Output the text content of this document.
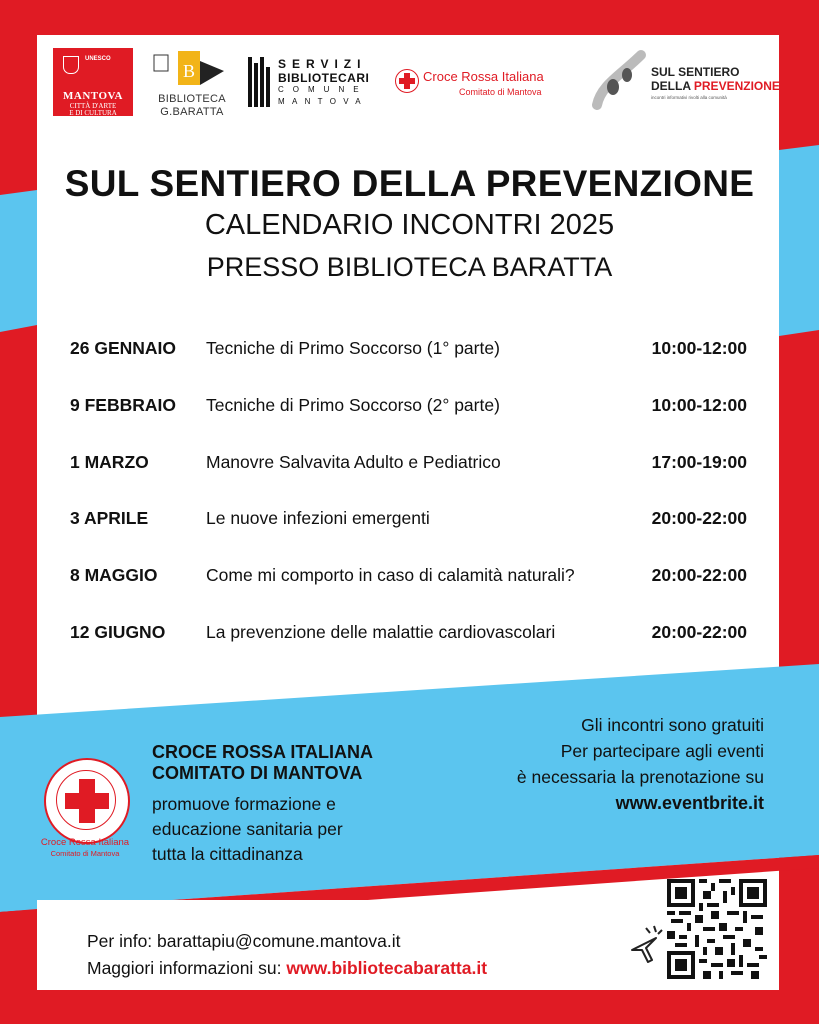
UNESCO
MANTOVA
CITTÀ D'ARTE
E DI CULTURA
B
BIBLIOTECA
G.BARATTA
SERVIZI
BIBLIOTECARI
COMUNE
MANTOVA
Croce Rossa Italiana
Comitato di Mantova
SUL SENTIERO
DELLA PREVENZIONE
incontri informativi rivolti alla comunità
SUL SENTIERO DELLA PREVENZIONE
CALENDARIO INCONTRI 2025
PRESSO BIBLIOTECA BARATTA
26 GENNAIO Tecniche di Primo Soccorso (1° parte)	10:00-12:00
9 FEBBRAIO Tecniche di Primo Soccorso (2° parte)	10:00-12:00
1 MARZO	Manovre Salvavita Adulto e Pediatrico	17:00-19:00
3 APRILE	Le nuove infezioni emergenti	20:00-22:00
8 MAGGIO	Come mi comporto in caso di calamità naturali?	20:00-22:00
12 GIUGNO La prevenzione delle malattie cardiovascolari	20:00-22:00
Croce Rossa Italiana
Comitato di Mantova
CROCE ROSSA ITALIANA
COMITATO DI MANTOVA
promuove formazione e
educazione sanitaria per
tutta la cittadinanza
Gli incontri sono gratuiti
Per partecipare agli eventi
è necessaria la prenotazione su
www.eventbrite.it
Per info: barattapiu@comune.mantova.it
Maggiori informazioni su: www.bibliotecabaratta.it
